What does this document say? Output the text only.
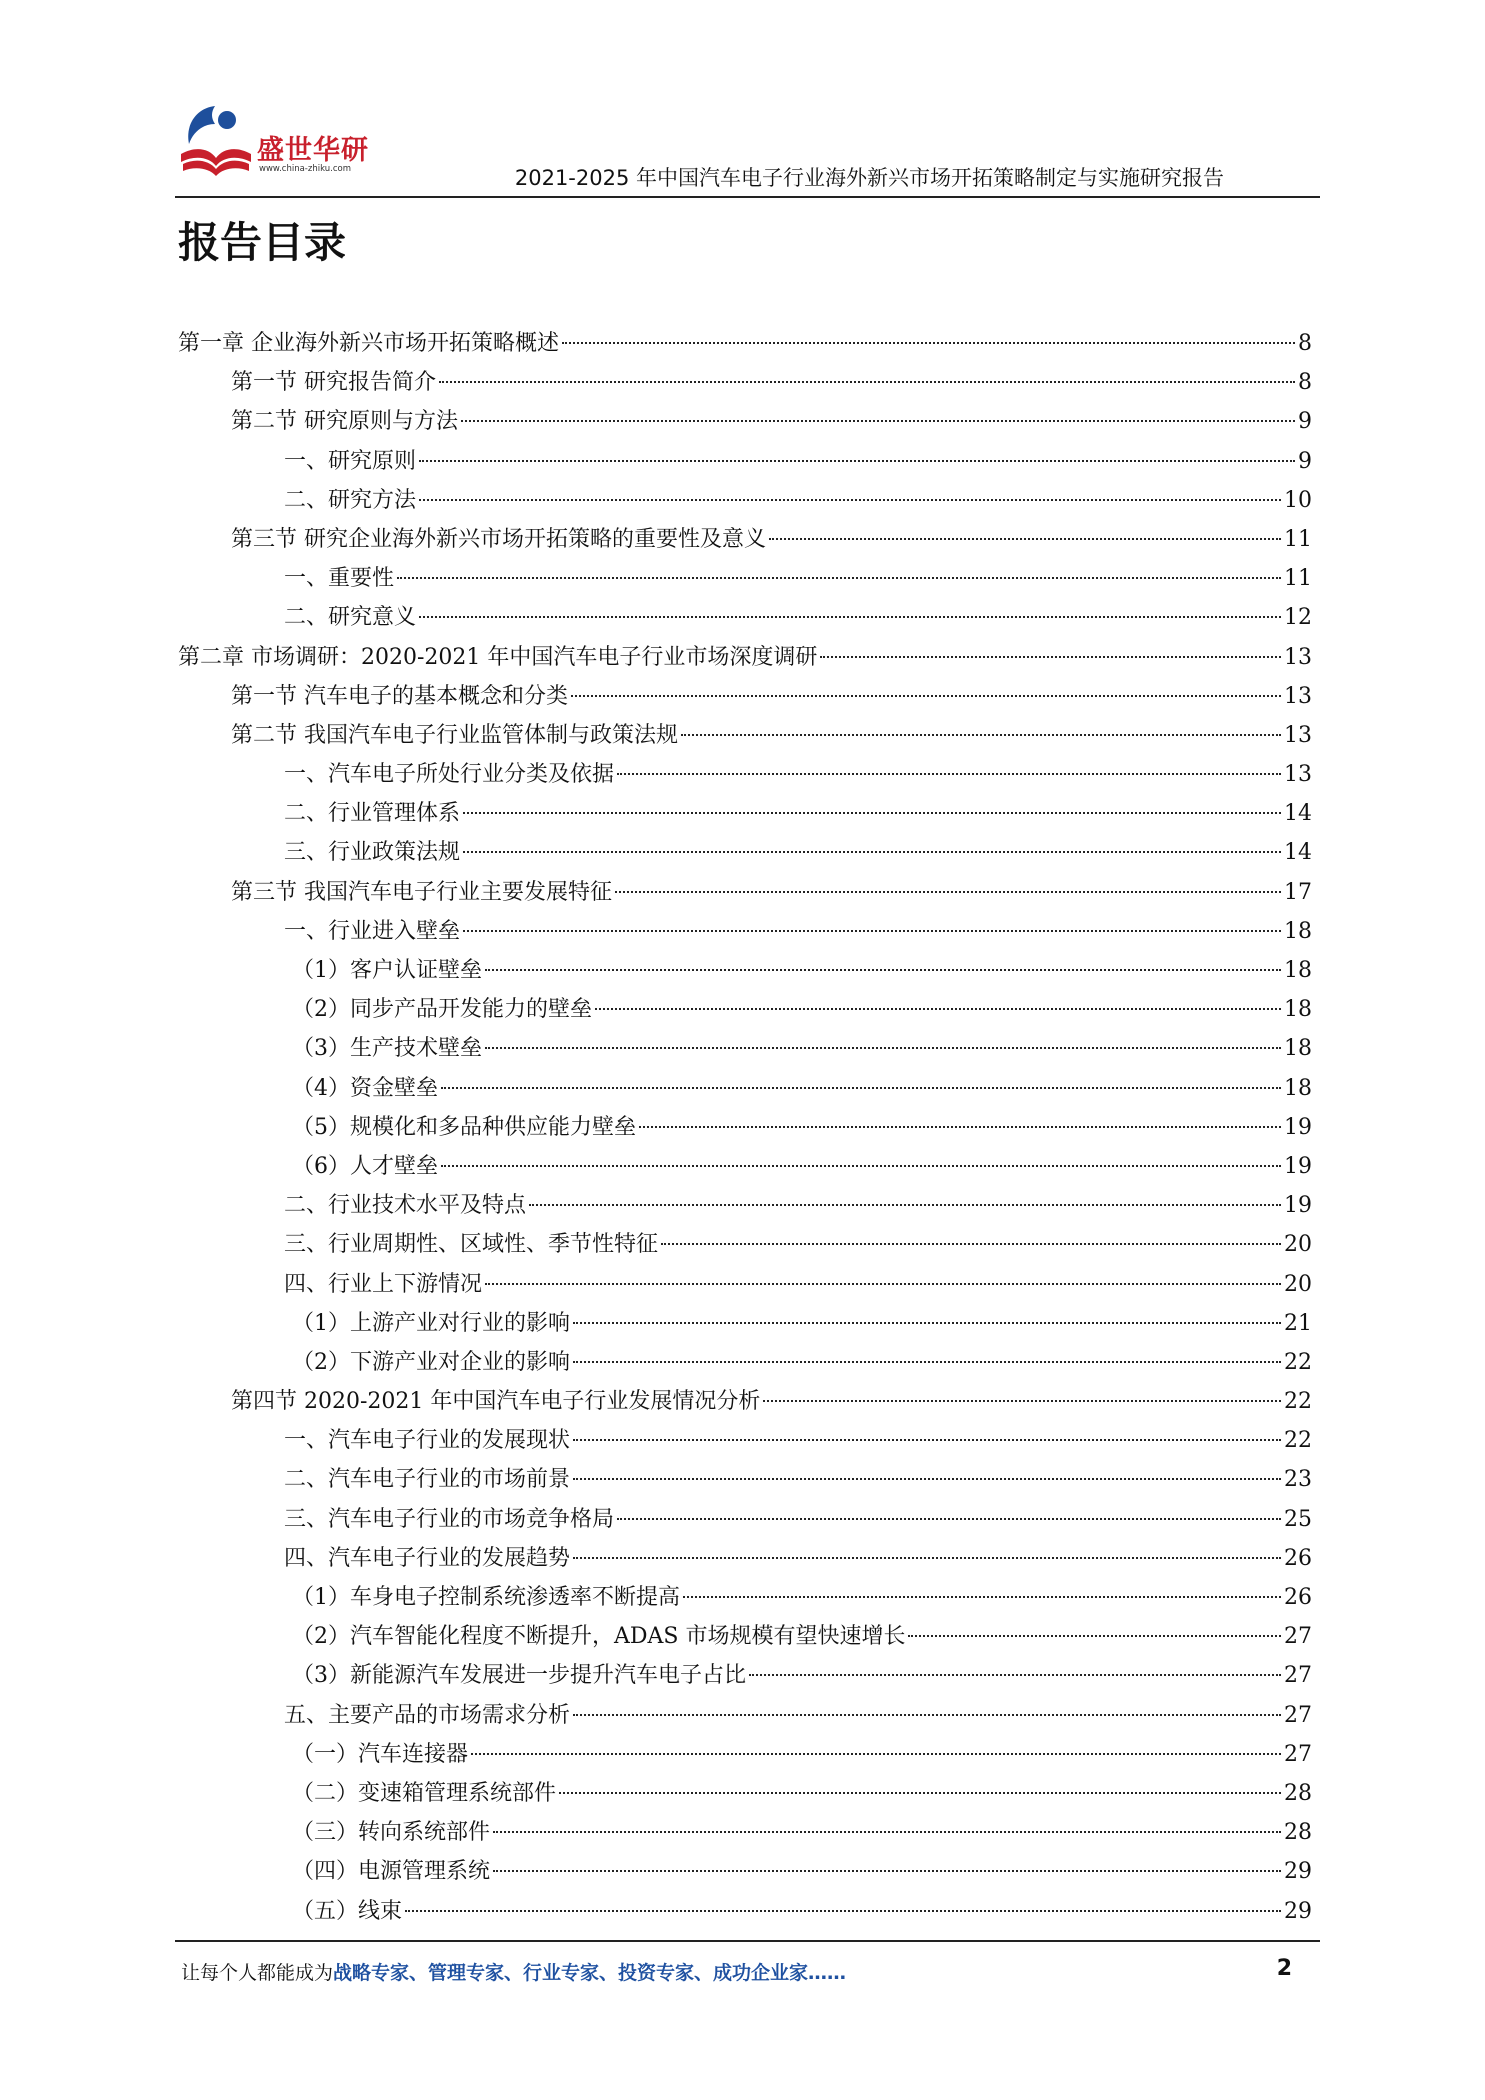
盛世华研
www.china-zhiku.com	2021-2025 年中国汽车电子行业海外新兴市场开拓策略制定与实施研究报告
报告目录
第一章 企业海外新兴市场开拓策略概述	8
第一节 研究报告简介	8
第二节 研究原则与方法	9
一、研究原则	9
二、研究方法	10
第三节 研究企业海外新兴市场开拓策略的重要性及意义	11
一、重要性	11
二、研究意义	12
第二章 市场调研：2020-2021 年中国汽车电子行业市场深度调研	13
第一节 汽车电子的基本概念和分类	13
第二节 我国汽车电子行业监管体制与政策法规	13
一、汽车电子所处行业分类及依据	13
二、行业管理体系	14
三、行业政策法规	14
第三节 我国汽车电子行业主要发展特征	17
一、行业进入壁垒	18
（1）客户认证壁垒	18
（2）同步产品开发能力的壁垒	18
（3）生产技术壁垒	18
（4）资金壁垒	18
（5）规模化和多品种供应能力壁垒	19
（6）人才壁垒	19
二、行业技术水平及特点	19
三、行业周期性、区域性、季节性特征	20
四、行业上下游情况	20
（1）上游产业对行业的影响	21
（2）下游产业对企业的影响	22
第四节 2020-2021 年中国汽车电子行业发展情况分析	22
一、汽车电子行业的发展现状	22
二、汽车电子行业的市场前景	23
三、汽车电子行业的市场竞争格局	25
四、汽车电子行业的发展趋势	26
（1）车身电子控制系统渗透率不断提高	26
（2）汽车智能化程度不断提升，ADAS 市场规模有望快速增长	27
（3）新能源汽车发展进一步提升汽车电子占比	27
五、主要产品的市场需求分析	27
（一）汽车连接器	27
（二）变速箱管理系统部件	28
（三）转向系统部件	28
（四）电源管理系统	29
（五）线束	29
让每个人都能成为战略专家、管理专家、行业专家、投资专家、成功企业家……	2
